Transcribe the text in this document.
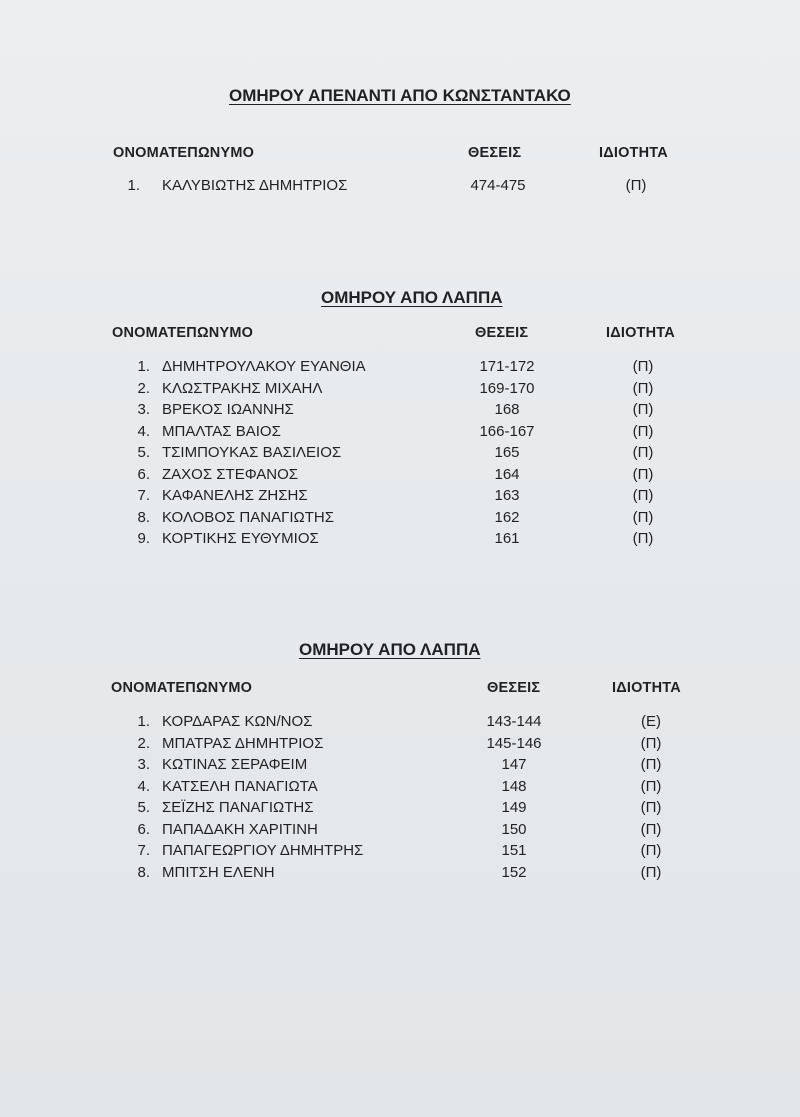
ΟΜΗΡΟΥ ΑΠΕΝΑΝΤΙ ΑΠΟ ΚΩΝΣΤΑΝΤΑΚΟ
ΟΝΟΜΑΤΕΠΩΝΥΜΟ	ΘΕΣΕΙΣ	ΙΔΙΟΤΗΤΑ
1. ΚΑΛΥΒΙΩΤΗΣ ΔΗΜΗΤΡΙΟΣ	474-475	(Π)
ΟΜΗΡΟΥ ΑΠΟ ΛΑΠΠΑ
ΟΝΟΜΑΤΕΠΩΝΥΜΟ	ΘΕΣΕΙΣ	ΙΔΙΟΤΗΤΑ
1. ΔΗΜΗΤΡΟΥΛΑΚΟΥ ΕΥΑΝΘΙΑ	171-172	(Π)
2. ΚΛΩΣΤΡΑΚΗΣ ΜΙΧΑΗΛ	169-170	(Π)
3. ΒΡΕΚΟΣ ΙΩΑΝΝΗΣ	168	(Π)
4. ΜΠΑΛΤΑΣ ΒΑΙΟΣ	166-167	(Π)
5. ΤΣΙΜΠΟΥΚΑΣ ΒΑΣΙΛΕΙΟΣ	165	(Π)
6. ΖΑΧΟΣ ΣΤΕΦΑΝΟΣ	164	(Π)
7. ΚΑΦΑΝΕΛΗΣ ΖΗΣΗΣ	163	(Π)
8. ΚΟΛΟΒΟΣ ΠΑΝΑΓΙΩΤΗΣ	162	(Π)
9. ΚΟΡΤΙΚΗΣ ΕΥΘΥΜΙΟΣ	161	(Π)
ΟΜΗΡΟΥ ΑΠΟ ΛΑΠΠΑ
ΟΝΟΜΑΤΕΠΩΝΥΜΟ	ΘΕΣΕΙΣ	ΙΔΙΟΤΗΤΑ
1. ΚΟΡΔΑΡΑΣ ΚΩΝ/ΝΟΣ	143-144	(Ε)
2. ΜΠΑΤΡΑΣ ΔΗΜΗΤΡΙΟΣ	145-146	(Π)
3. ΚΩΤΙΝΑΣ ΣΕΡΑΦΕΙΜ	147	(Π)
4. ΚΑΤΣΕΛΗ ΠΑΝΑΓΙΩΤΑ	148	(Π)
5. ΣΕΪΖΗΣ ΠΑΝΑΓΙΩΤΗΣ	149	(Π)
6. ΠΑΠΑΔΑΚΗ ΧΑΡΙΤΙΝΗ	150	(Π)
7. ΠΑΠΑΓΕΩΡΓΙΟΥ ΔΗΜΗΤΡΗΣ	151	(Π)
8. ΜΠΙΤΣΗ ΕΛΕΝΗ	152	(Π)
